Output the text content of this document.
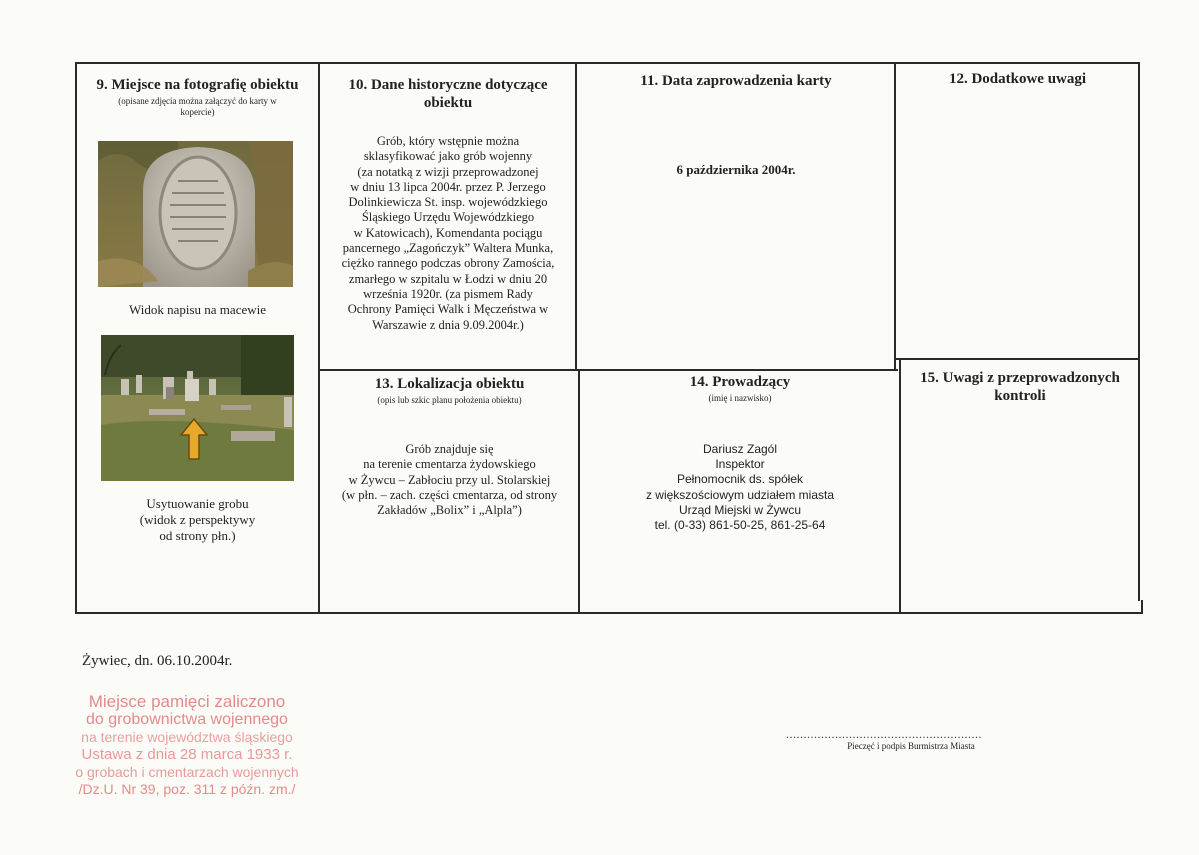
9. Miejsce na fotografię obiektu
(opisane zdjęcia można załączyć do karty w kopercie)
Widok napisu na macewie
Usytuowanie grobu
(widok z perspektywy
od strony płn.)
10. Dane historyczne dotyczące obiektu
Grób, który wstępnie można
sklasyfikować jako grób wojenny
(za notatką z wizji przeprowadzonej
w dniu 13 lipca 2004r. przez P. Jerzego
Dolinkiewicza St. insp. wojewódzkiego
Śląskiego Urzędu Wojewódzkiego
w Katowicach), Komendanta pociągu
pancernego „Zagończyk” Waltera Munka,
ciężko rannego podczas obrony Zamościa,
zmarłego w szpitalu w Łodzi w dniu 20
września 1920r. (za pismem Rady
Ochrony Pamięci Walk i Męczeństwa w
Warszawie z dnia 9.09.2004r.)
11. Data zaprowadzenia karty
6 października 2004r.
12. Dodatkowe uwagi
13. Lokalizacja obiektu
(opis lub szkic planu położenia obiektu)
Grób znajduje się
na terenie cmentarza żydowskiego
w Żywcu – Zabłociu przy ul. Stolarskiej
(w płn. – zach. części cmentarza, od strony
Zakładów „Bolix” i „Alpla”)
14. Prowadzący
(imię i nazwisko)
Dariusz Zagól
Inspektor
Pełnomocnik ds. spółek
z większościowym udziałem miasta
Urząd Miejski w Żywcu
tel. (0-33) 861-50-25, 861-25-64
15. Uwagi z przeprowadzonych kontroli
Żywiec, dn. 06.10.2004r.
........................................................
Pieczęć i podpis Burmistrza Miasta
Miejsce pamięci zaliczono
do grobownictwa wojennego
na terenie województwa śląskiego
Ustawa z dnia 28 marca 1933 r.
o grobach i cmentarzach wojennych
/Dz.U. Nr 39, poz. 311 z późn. zm./
